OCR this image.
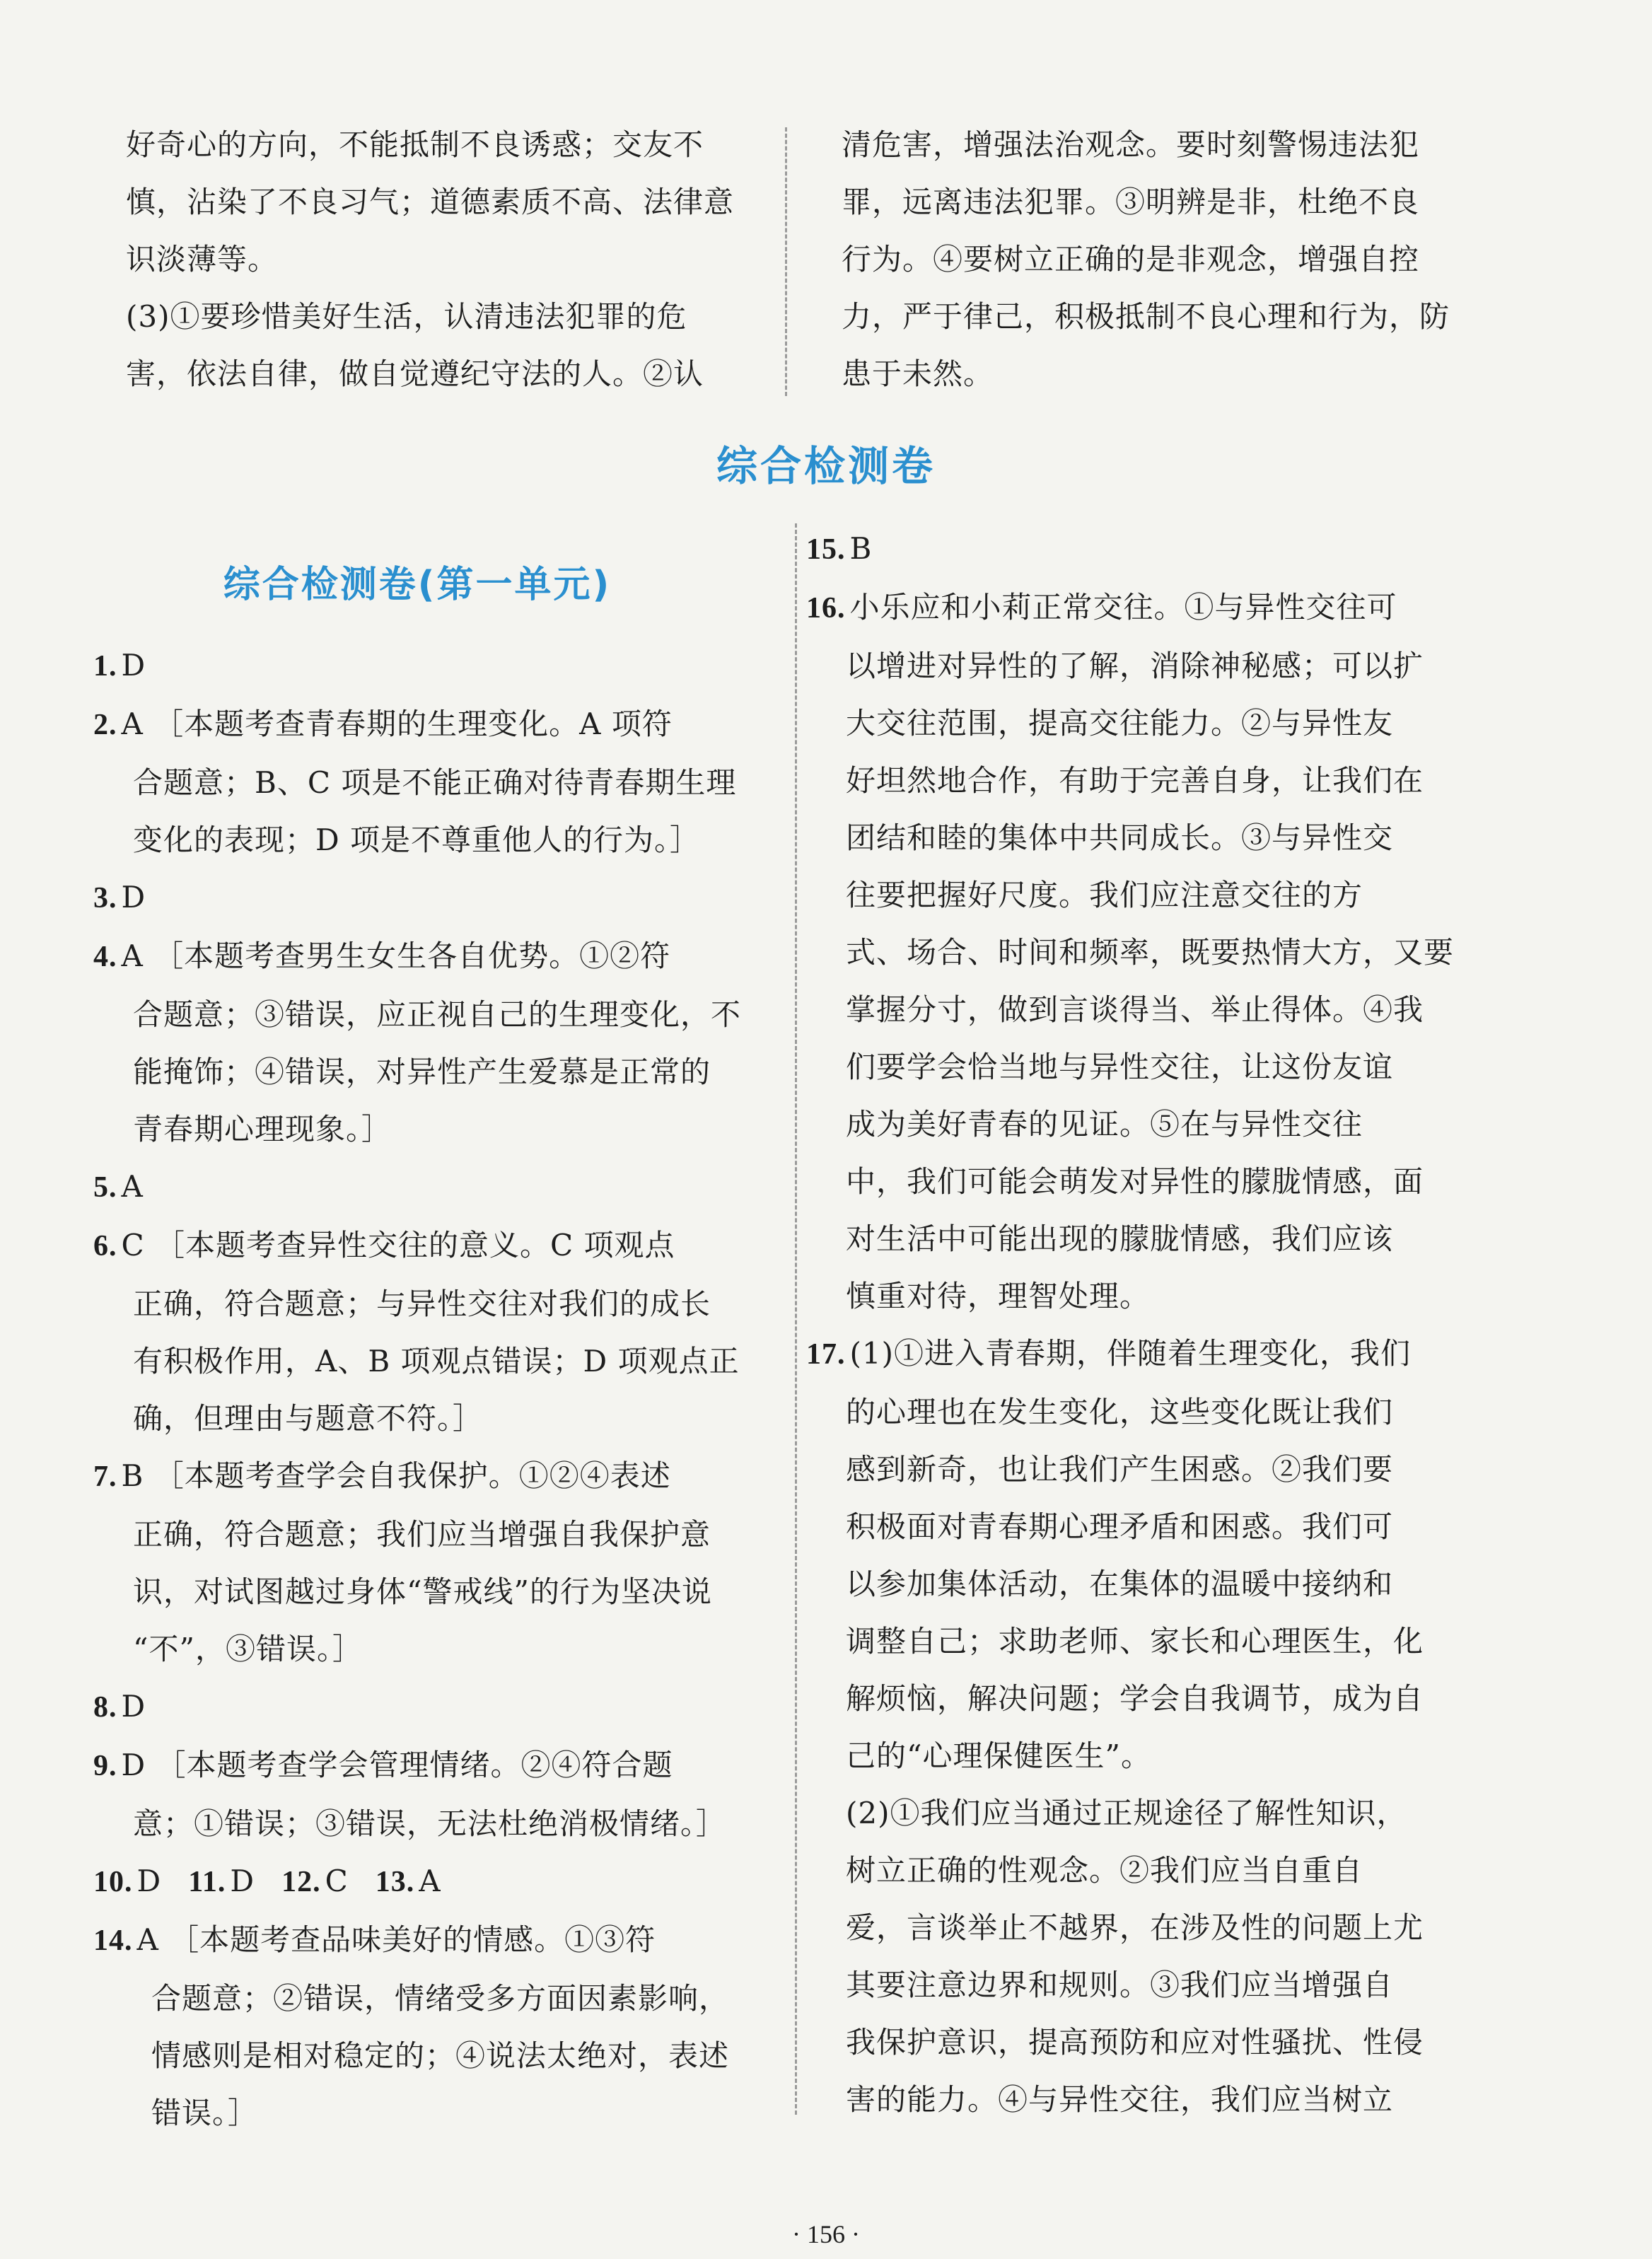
好奇心的方向，不能抵制不良诱惑；交友不
慎，沾染了不良习气；道德素质不高、法律意
识淡薄等。
(3)①要珍惜美好生活，认清违法犯罪的危
害，依法自律，做自觉遵纪守法的人。②认
清危害，增强法治观念。要时刻警惕违法犯
罪，远离违法犯罪。③明辨是非，杜绝不良
行为。④要树立正确的是非观念，增强自控
力，严于律己，积极抵制不良心理和行为，防
患于未然。
综合检测卷
综合检测卷(第一单元)
1. D
2. A ［本题考查青春期的生理变化。A 项符
合题意；B、C 项是不能正确对待青春期生理
变化的表现；D 项是不尊重他人的行为。］
3. D
4. A ［本题考查男生女生各自优势。①②符
合题意；③错误，应正视自己的生理变化，不
能掩饰；④错误，对异性产生爱慕是正常的
青春期心理现象。］
5. A
6. C ［本题考查异性交往的意义。C 项观点
正确，符合题意；与异性交往对我们的成长
有积极作用，A、B 项观点错误；D 项观点正
确，但理由与题意不符。］
7. B ［本题考查学会自我保护。①②④表述
正确，符合题意；我们应当增强自我保护意
识，对试图越过身体“警戒线”的行为坚决说
“不”，③错误。］
8. D
9. D ［本题考查学会管理情绪。②④符合题
意；①错误；③错误，无法杜绝消极情绪。］
10. D 11. D 12. C 13. A
14. A ［本题考查品味美好的情感。①③符
合题意；②错误，情绪受多方面因素影响，
情感则是相对稳定的；④说法太绝对，表述
错误。］
15. B
16. 小乐应和小莉正常交往。①与异性交往可
以增进对异性的了解，消除神秘感；可以扩
大交往范围，提高交往能力。②与异性友
好坦然地合作，有助于完善自身，让我们在
团结和睦的集体中共同成长。③与异性交
往要把握好尺度。我们应注意交往的方
式、场合、时间和频率，既要热情大方，又要
掌握分寸，做到言谈得当、举止得体。④我
们要学会恰当地与异性交往，让这份友谊
成为美好青春的见证。⑤在与异性交往
中，我们可能会萌发对异性的朦胧情感，面
对生活中可能出现的朦胧情感，我们应该
慎重对待，理智处理。
17. (1)①进入青春期，伴随着生理变化，我们
的心理也在发生变化，这些变化既让我们
感到新奇，也让我们产生困惑。②我们要
积极面对青春期心理矛盾和困惑。我们可
以参加集体活动，在集体的温暖中接纳和
调整自己；求助老师、家长和心理医生，化
解烦恼，解决问题；学会自我调节，成为自
己的“心理保健医生”。
(2)①我们应当通过正规途径了解性知识，
树立正确的性观念。②我们应当自重自
爱，言谈举止不越界，在涉及性的问题上尤
其要注意边界和规则。③我们应当增强自
我保护意识，提高预防和应对性骚扰、性侵
害的能力。④与异性交往，我们应当树立
· 156 ·
